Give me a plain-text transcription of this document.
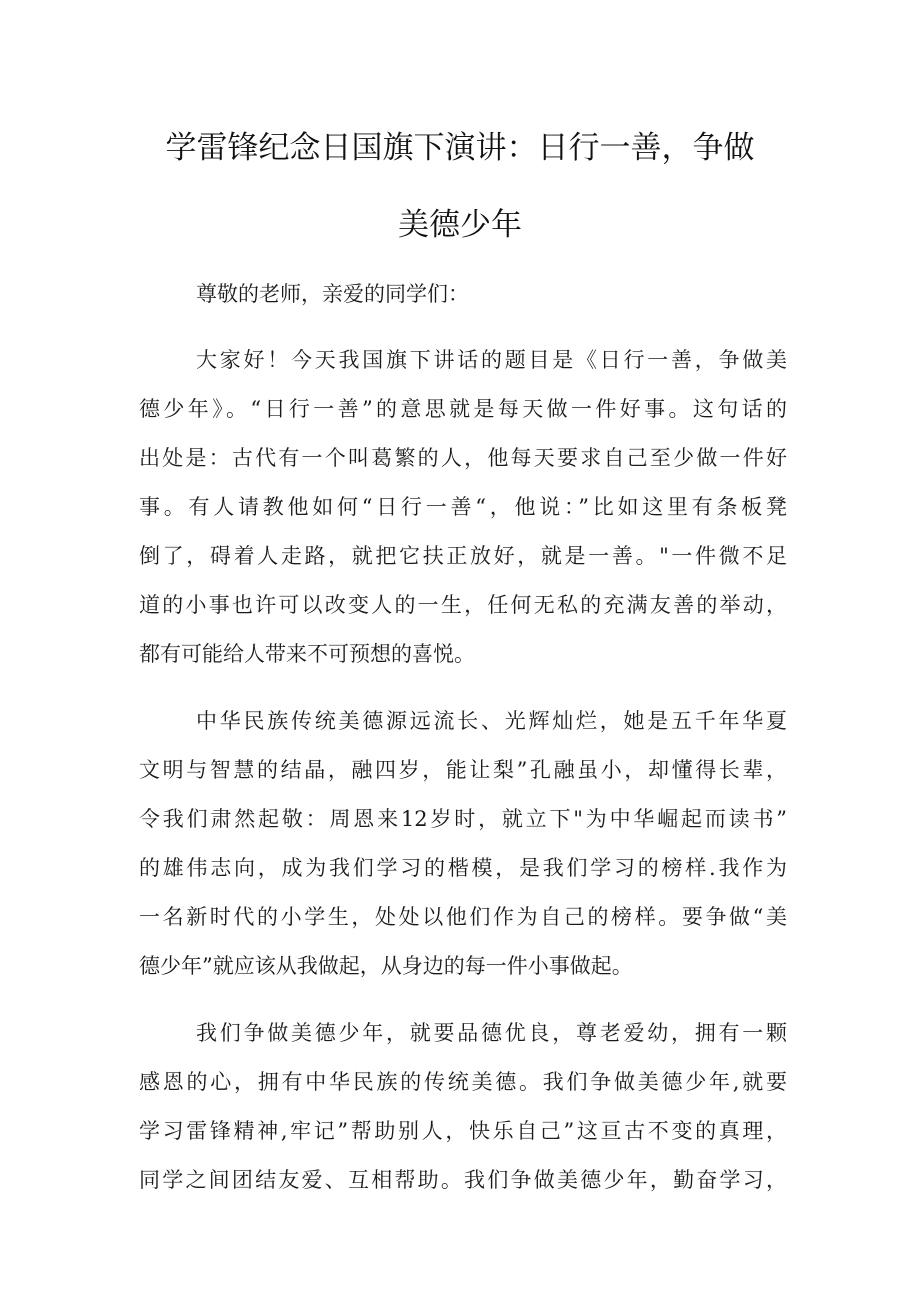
学雷锋纪念日国旗下演讲：日行一善，争做
美德少年
尊敬的老师，亲爱的同学们：
大家好！今天我国旗下讲话的题目是《日行一善，争做美
德少年》。“日行一善”的意思就是每天做一件好事。这句话的
出处是：古代有一个叫葛繁的人，他每天要求自己至少做一件好
事。有人请教他如何“日行一善“，他说：”比如这里有条板凳
倒了，碍着人走路，就把它扶正放好，就是一善。"一件微不足
道的小事也许可以改变人的一生，任何无私的充满友善的举动，
都有可能给人带来不可预想的喜悦。
中华民族传统美德源远流长、光辉灿烂，她是五千年华夏
文明与智慧的结晶，融四岁，能让梨”孔融虽小，却懂得长辈，
令我们肃然起敬：周恩来12岁时，就立下"为中华崛起而读书”
的雄伟志向，成为我们学习的楷模，是我们学习的榜样.我作为
一名新时代的小学生，处处以他们作为自己的榜样。要争做“美
德少年”就应该从我做起，从身边的每一件小事做起。
我们争做美德少年，就要品德优良，尊老爱幼，拥有一颗
感恩的心，拥有中华民族的传统美德。我们争做美德少年,就要
学习雷锋精神,牢记”帮助别人，快乐自己”这亘古不变的真理，
同学之间团结友爱、互相帮助。我们争做美德少年，勤奋学习，
